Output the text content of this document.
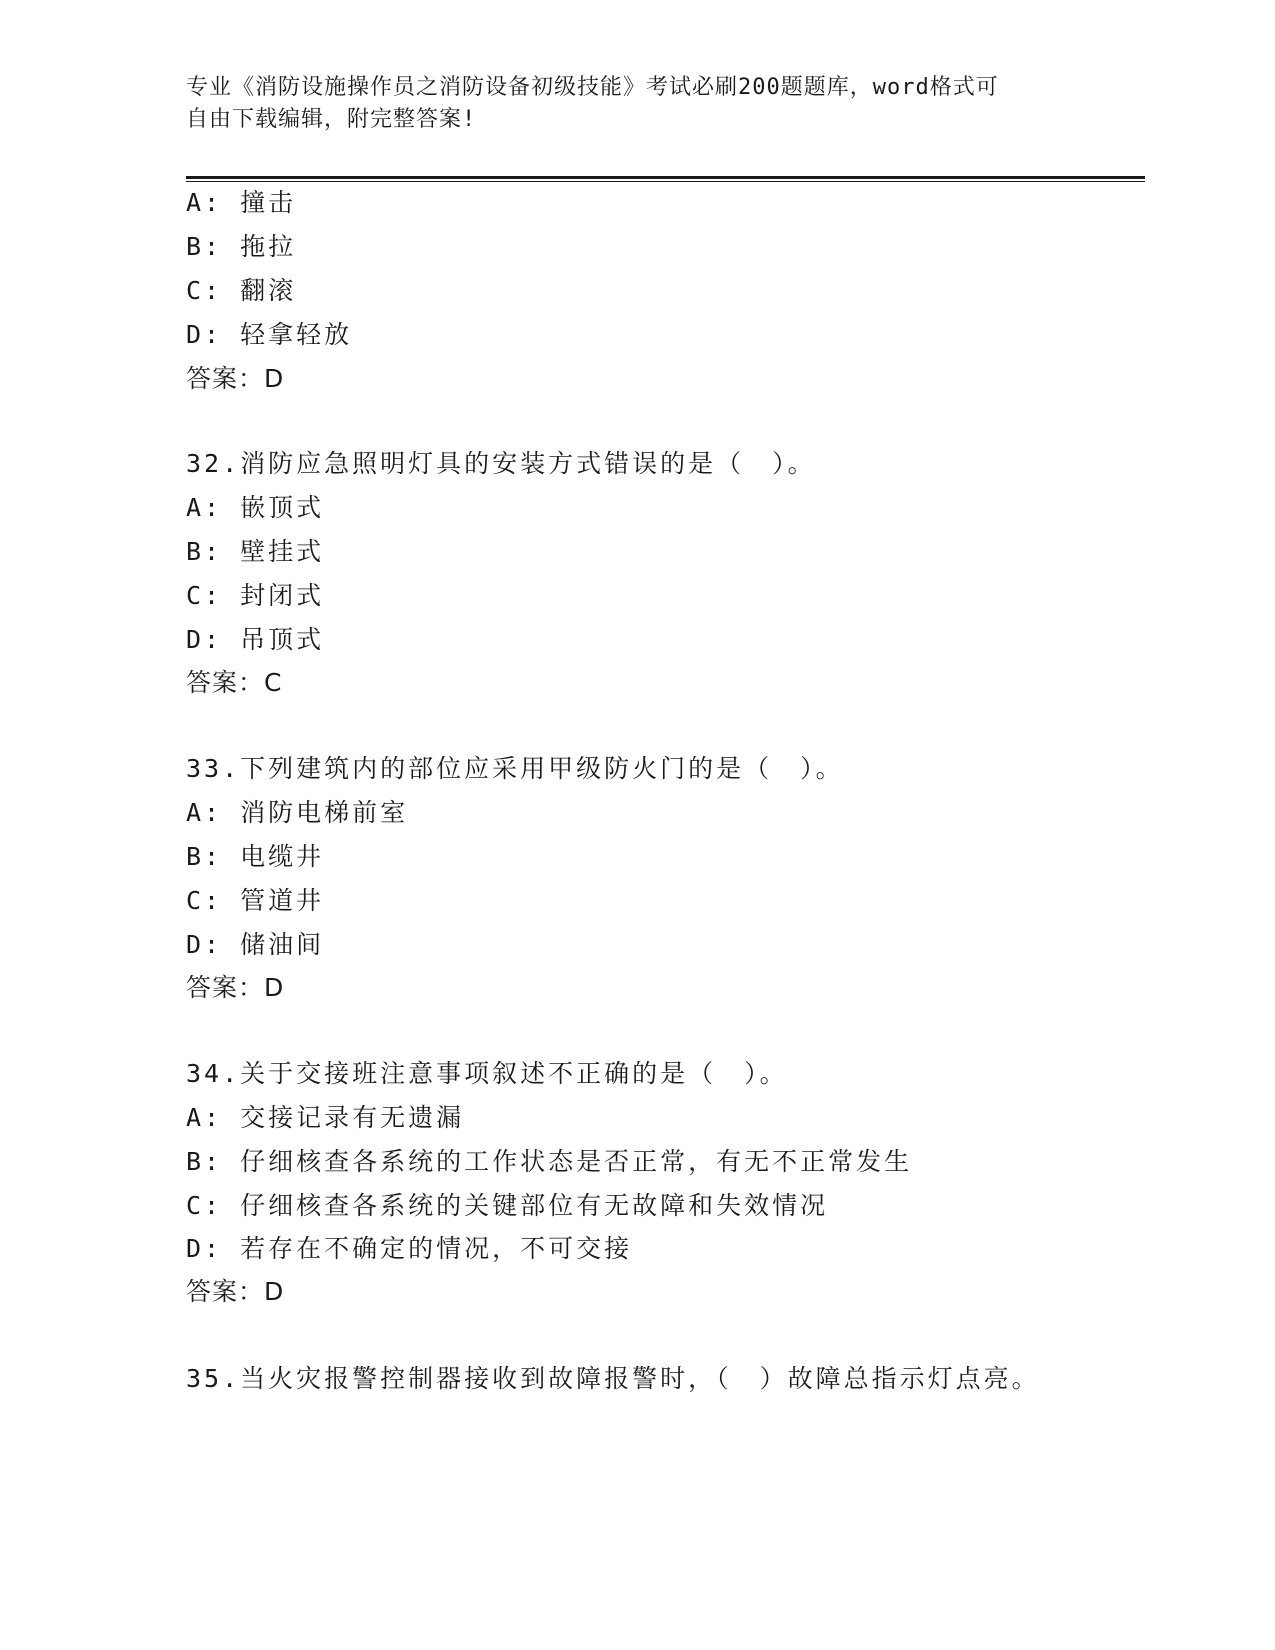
专业《消防设施操作员之消防设备初级技能》考试必刷200题题库，word格式可
自由下载编辑，附完整答案!
A: 撞击
B: 拖拉
C: 翻滚
D: 轻拿轻放
答案：D
32.消防应急照明灯具的安装方式错误的是（　）。
A: 嵌顶式
B: 壁挂式
C: 封闭式
D: 吊顶式
答案：C
33.下列建筑内的部位应采用甲级防火门的是（　）。
A: 消防电梯前室
B: 电缆井
C: 管道井
D: 储油间
答案：D
34.关于交接班注意事项叙述不正确的是（　）。
A: 交接记录有无遗漏
B: 仔细核查各系统的工作状态是否正常，有无不正常发生
C: 仔细核查各系统的关键部位有无故障和失效情况
D: 若存在不确定的情况，不可交接
答案：D
35.当火灾报警控制器接收到故障报警时，（　）故障总指示灯点亮。
